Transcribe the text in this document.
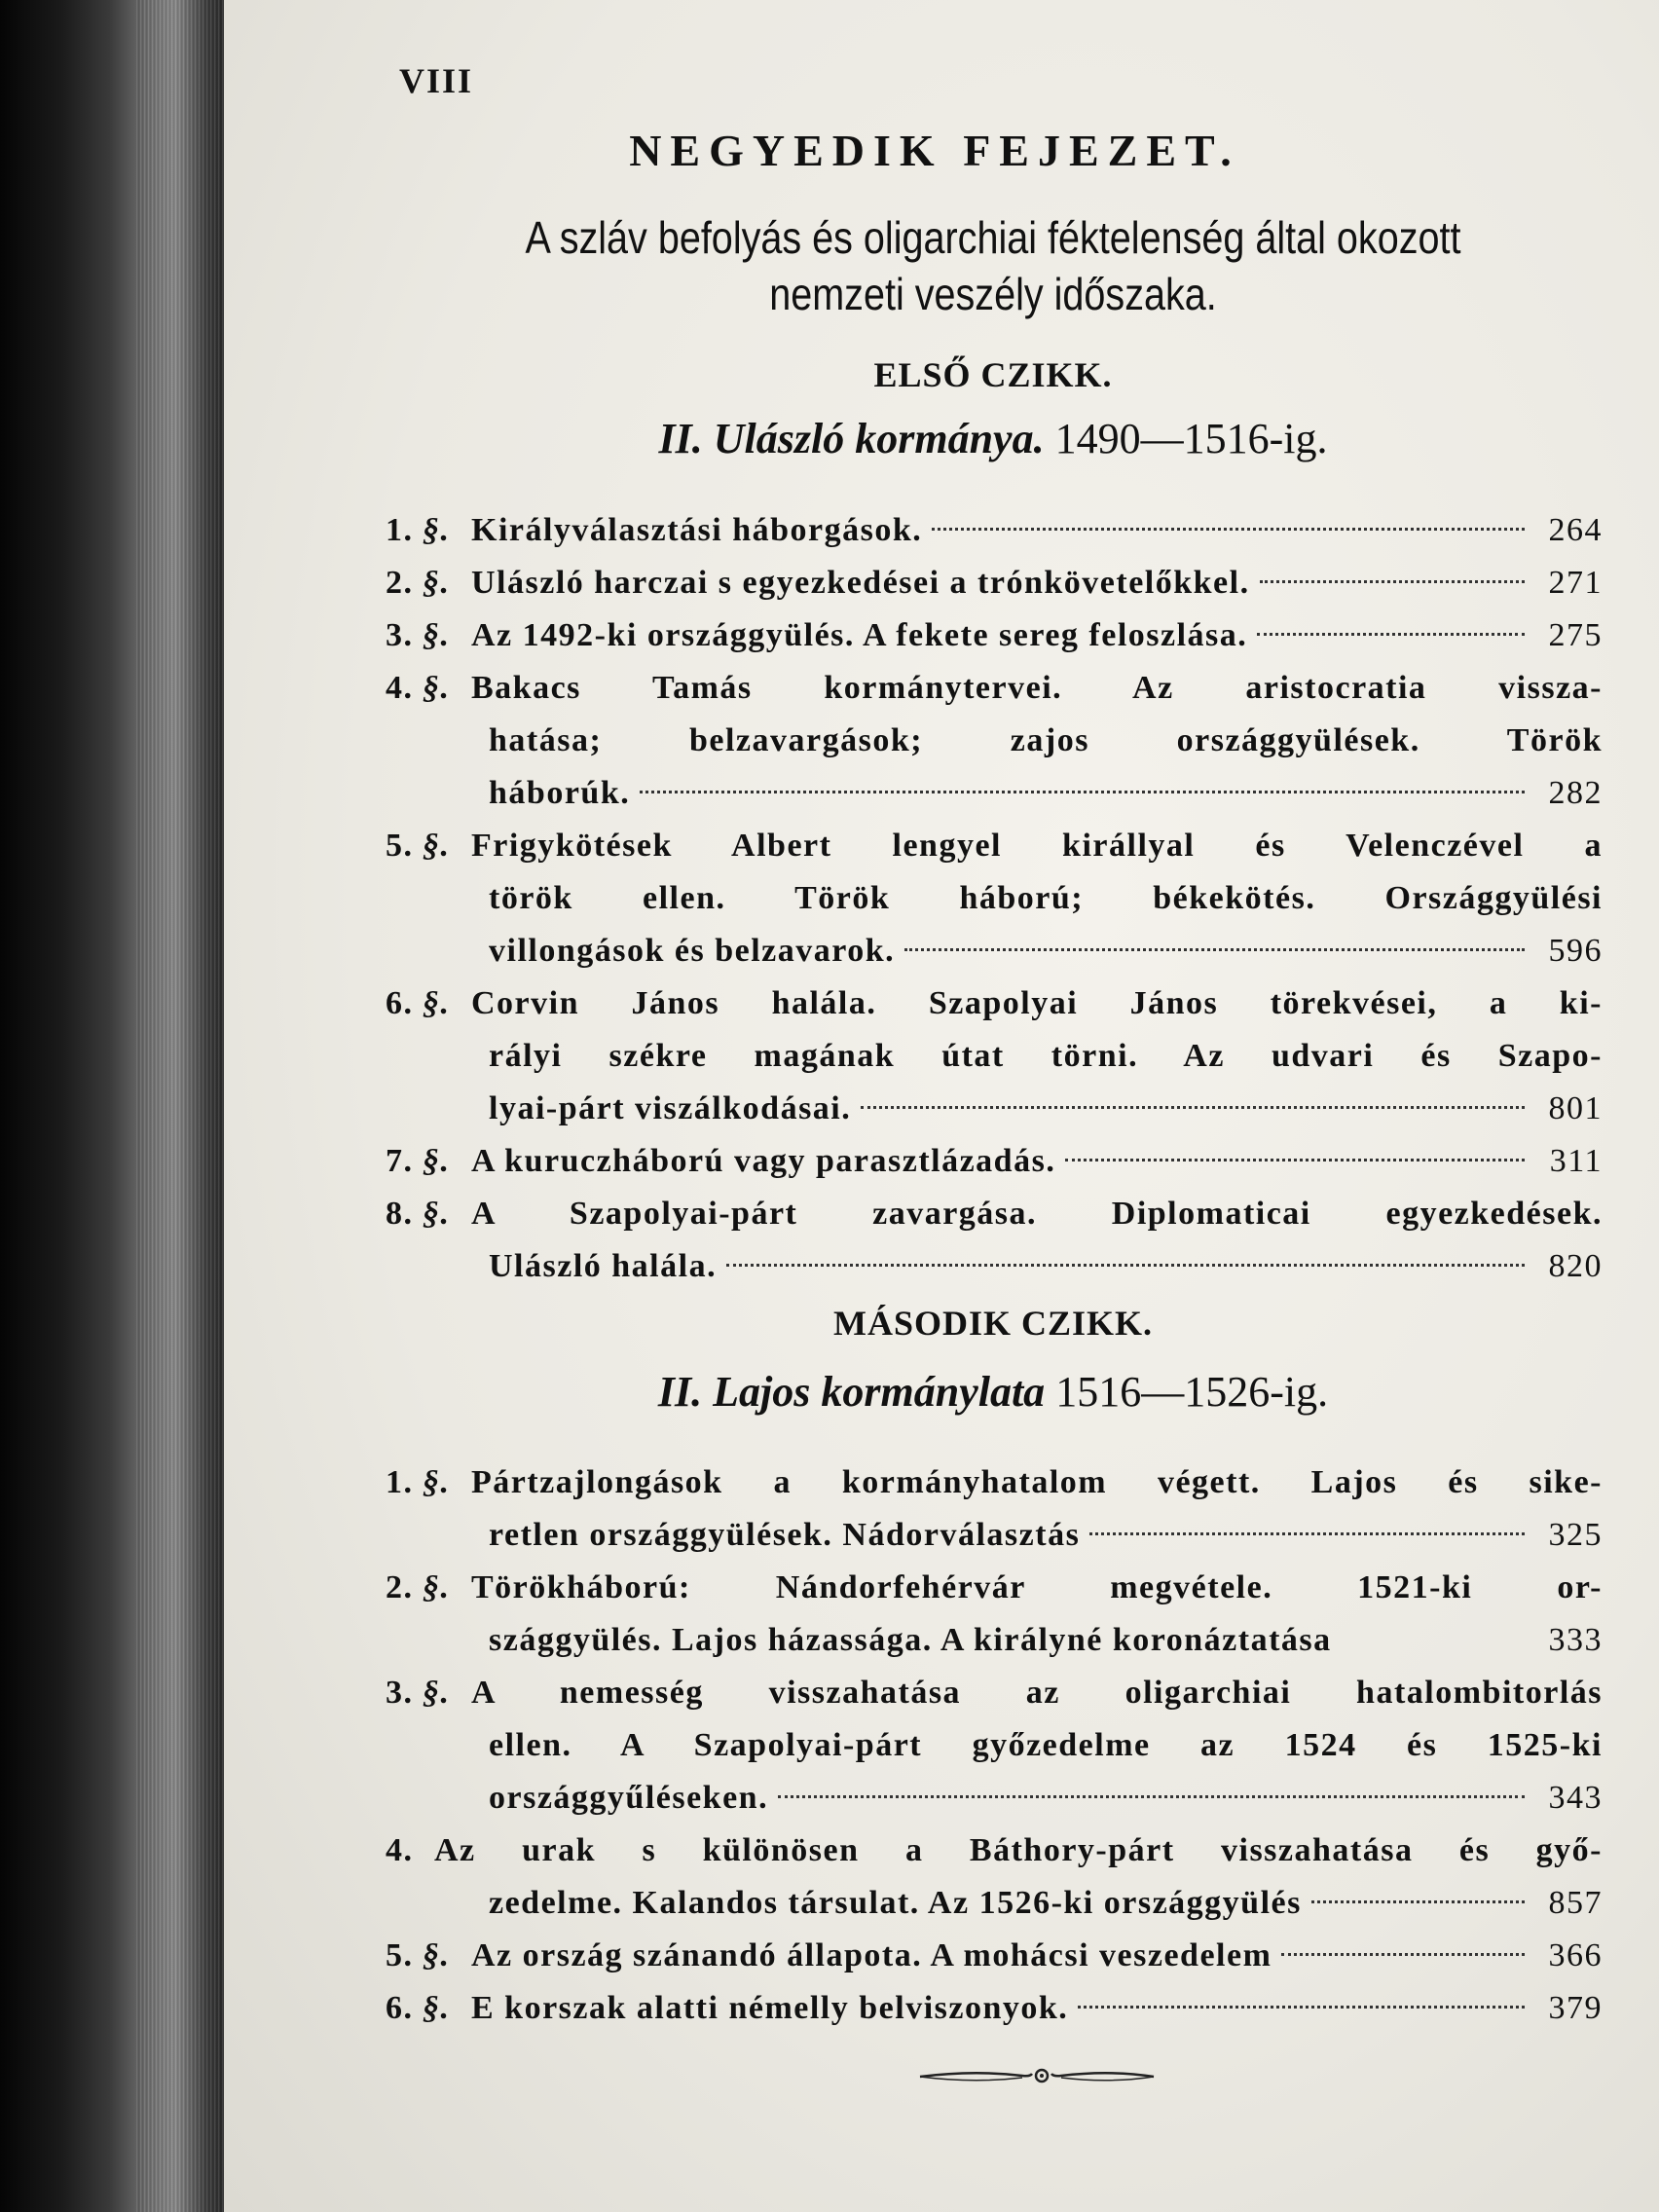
VIII
NEGYEDIK FEJEZET.
A szláv befolyás és oligarchiai féktelenség által okozott
nemzeti veszély időszaka.
ELSŐ CZIKK.
II. Ulászló kormánya. 1490—1516-ig.
1. §. Királyválasztási háborgások.	264
2. §. Ulászló harczai s egyezkedései a trónkövetelőkkel.	271
3. §. Az 1492-ki országgyülés. A fekete sereg feloszlása.	275
4. §. Bakacs Tamás kormánytervei. Az aristocratia vissza-
hatása; belzavargások; zajos országgyülések. Török
háborúk.	282
5. §. Frigykötések Albert lengyel királlyal és Velenczével a
török ellen. Török háború; békekötés. Országgyülési
villongások és belzavarok.	596
6. §. Corvin János halála. Szapolyai János törekvései, a ki-
rályi székre magának útat törni. Az udvari és Szapo-
lyai-párt viszálkodásai.	801
7. §. A kuruczháború vagy parasztlázadás.	311
8. §. A Szapolyai-párt zavargása. Diplomaticai egyezkedések.
Ulászló halála.	820
MÁSODIK CZIKK.
II. Lajos kormánylata 1516—1526-ig.
1. §. Pártzajlongások a kormányhatalom végett. Lajos és sike-
retlen országgyülések. Nádorválasztás	325
2. §. Törökháború: Nándorfehérvár megvétele. 1521-ki or-
szággyülés. Lajos házassága. A királyné koronáztatása	333
3. §. A nemesség visszahatása az oligarchiai hatalombitorlás
ellen. A Szapolyai-párt győzedelme az 1524 és 1525-ki
országgyűléseken.	343
4. Az urak s különösen a Báthory-párt visszahatása és győ-
zedelme. Kalandos társulat. Az 1526-ki országgyülés	857
5. §. Az ország szánandó állapota. A mohácsi veszedelem	366
6. §. E korszak alatti némelly belviszonyok.	379
